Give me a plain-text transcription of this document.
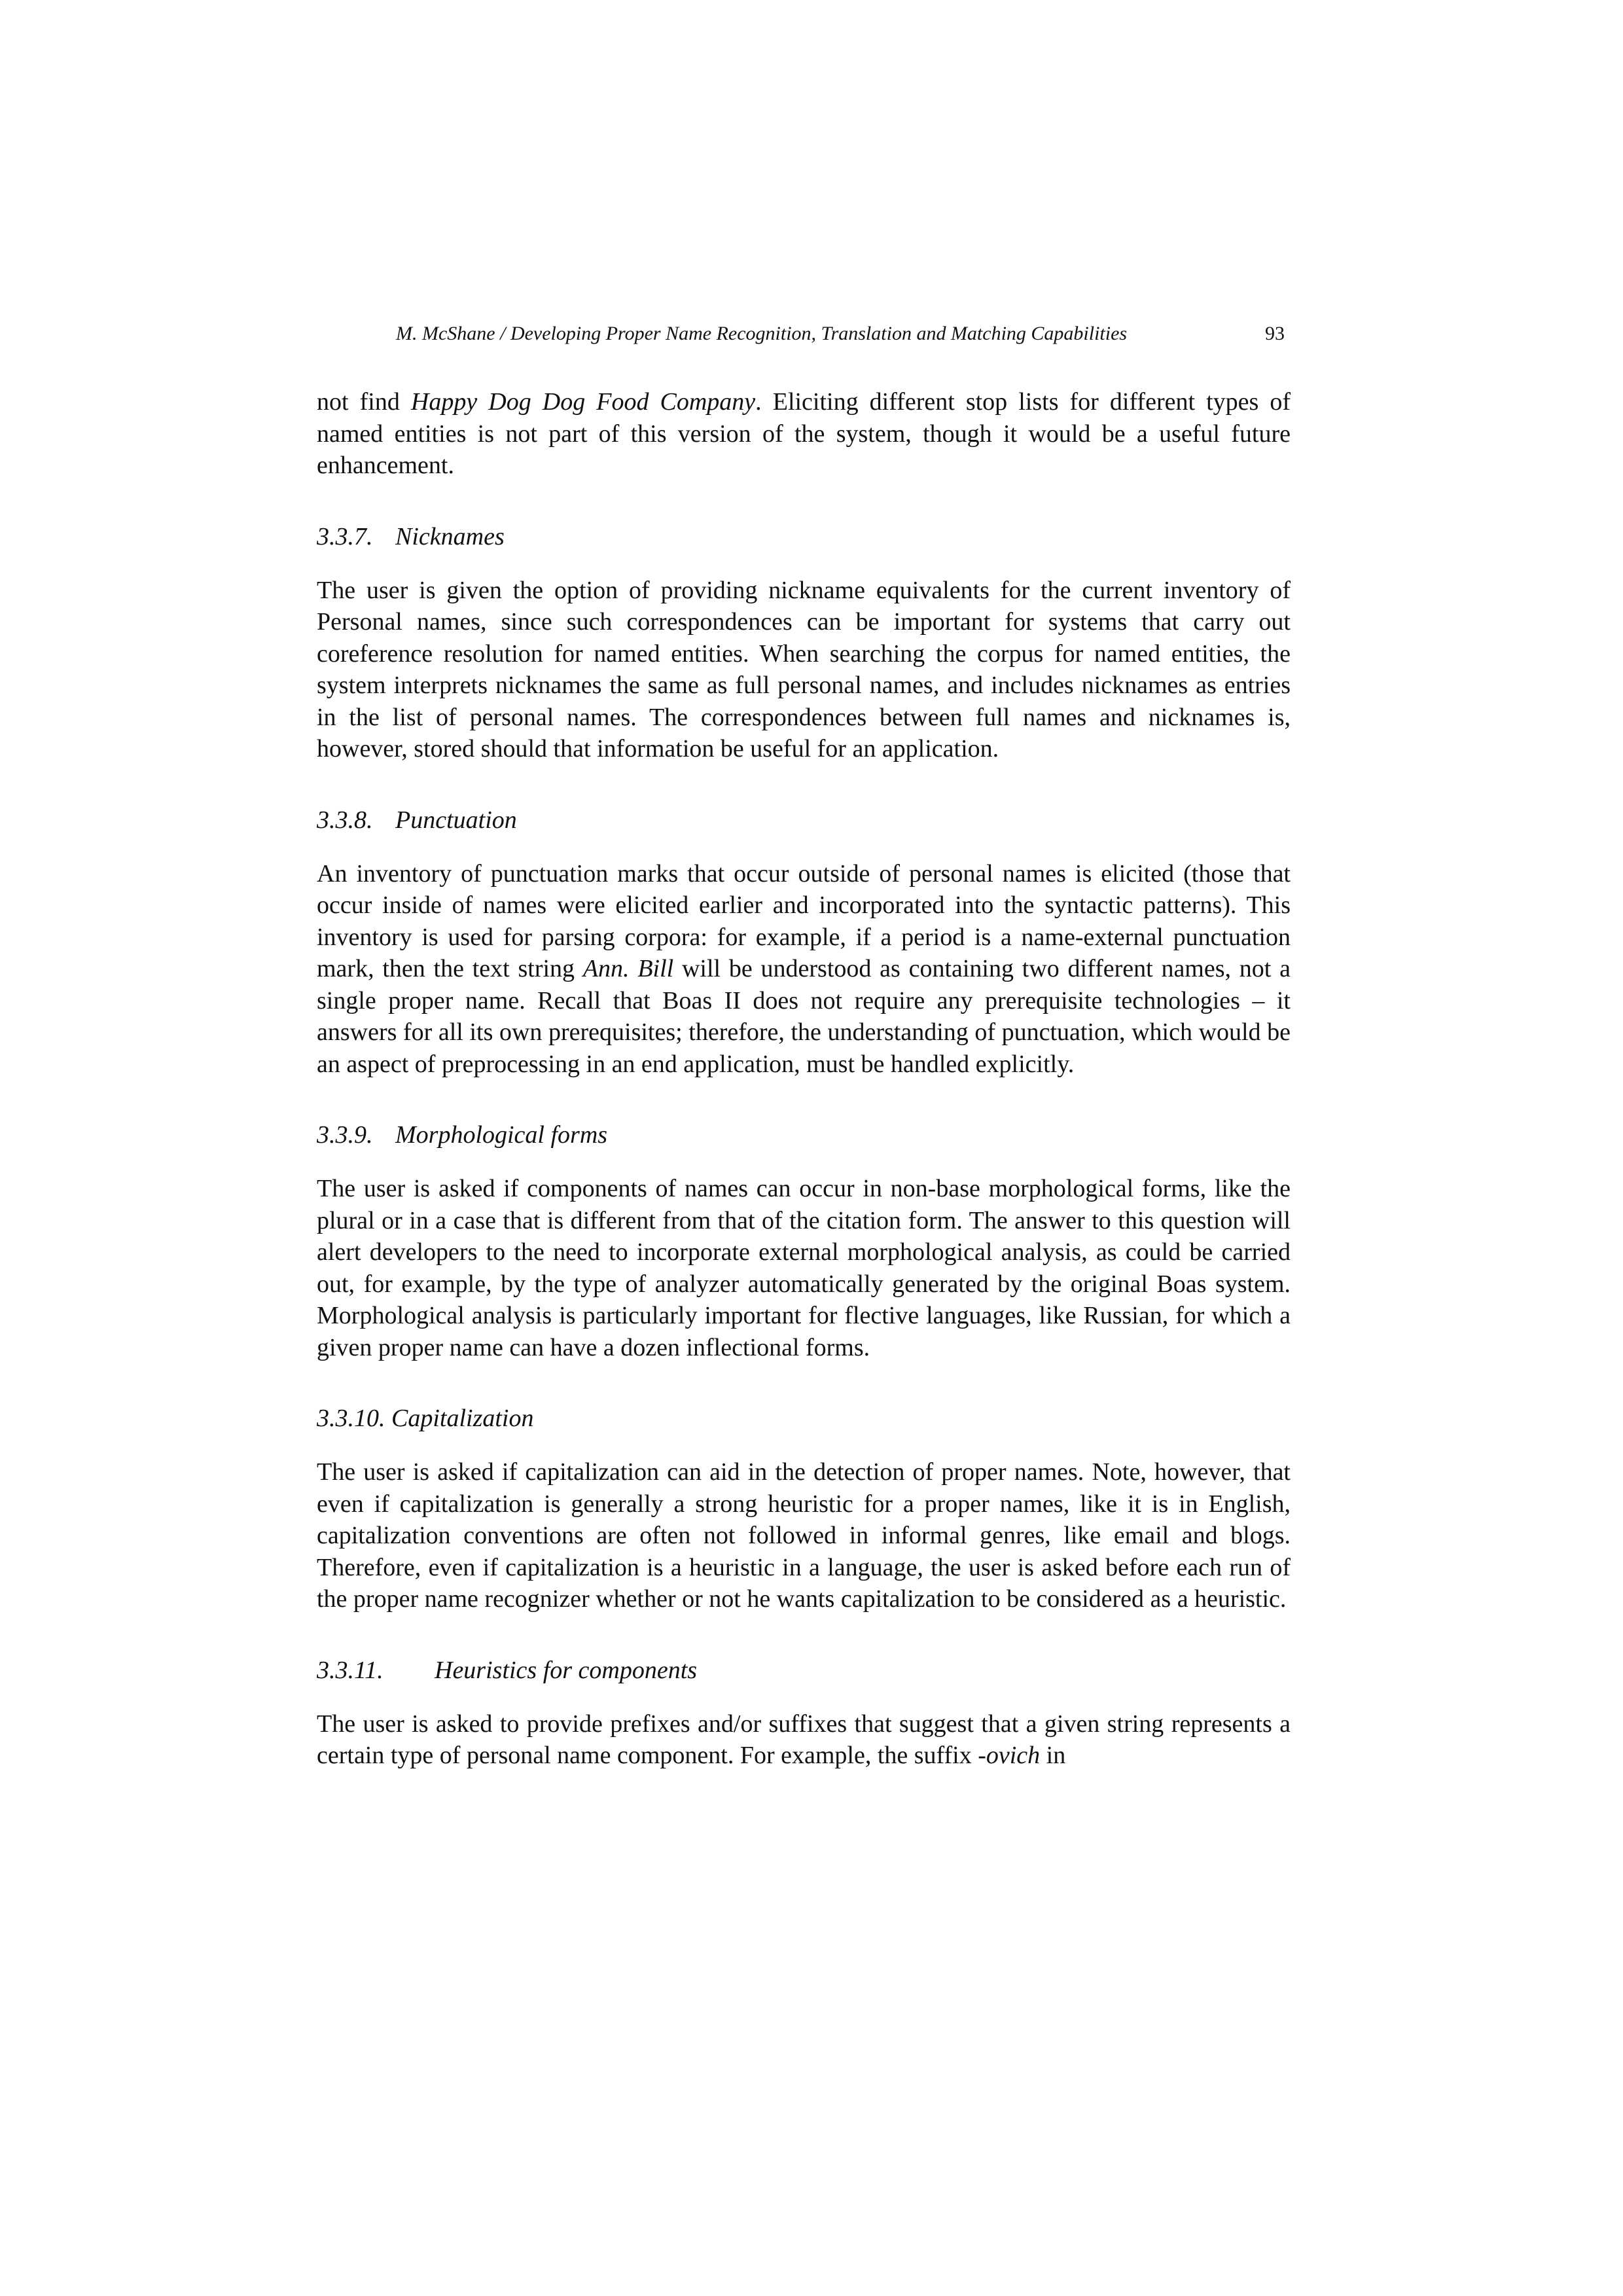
M. McShane / Developing Proper Name Recognition, Translation and Matching Capabilities	93

not find Happy Dog Dog Food Company. Eliciting different stop lists for different types of named entities is not part of this version of the system, though it would be a useful future enhancement.

3.3.7. Nicknames

The user is given the option of providing nickname equivalents for the current inventory of Personal names, since such correspondences can be important for systems that carry out coreference resolution for named entities. When searching the corpus for named entities, the system interprets nicknames the same as full personal names, and includes nicknames as entries in the list of personal names. The correspondences between full names and nicknames is, however, stored should that information be useful for an application.

3.3.8. Punctuation

An inventory of punctuation marks that occur outside of personal names is elicited (those that occur inside of names were elicited earlier and incorporated into the syntactic patterns). This inventory is used for parsing corpora: for example, if a period is a name-external punctuation mark, then the text string Ann. Bill will be understood as containing two different names, not a single proper name. Recall that Boas II does not require any prerequisite technologies – it answers for all its own prerequisites; therefore, the understanding of punctuation, which would be an aspect of preprocessing in an end application, must be handled explicitly.

3.3.9. Morphological forms

The user is asked if components of names can occur in non-base morphological forms, like the plural or in a case that is different from that of the citation form. The answer to this question will alert developers to the need to incorporate external morphological analysis, as could be carried out, for example, by the type of analyzer automatically generated by the original Boas system. Morphological analysis is particularly important for flective languages, like Russian, for which a given proper name can have a dozen inflectional forms.

3.3.10. Capitalization

The user is asked if capitalization can aid in the detection of proper names. Note, however, that even if capitalization is generally a strong heuristic for a proper names, like it is in English, capitalization conventions are often not followed in informal genres, like email and blogs. Therefore, even if capitalization is a heuristic in a language, the user is asked before each run of the proper name recognizer whether or not he wants capitalization to be considered as a heuristic.

3.3.11. Heuristics for components

The user is asked to provide prefixes and/or suffixes that suggest that a given string represents a certain type of personal name component. For example, the suffix -ovich in
